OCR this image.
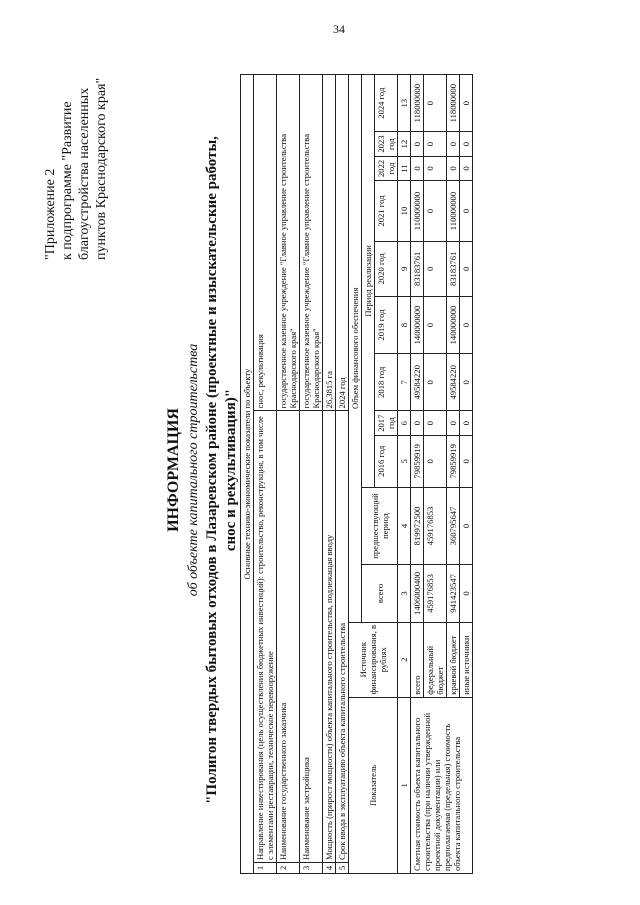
34
"Приложение 2 к подпрограмме "Развитие благоустройства населенных пунктов Краснодарского края"
ИНФОРМАЦИЯ об объекте капитального строительства "Полигон твердых бытовых отходов в Лазаревском районе (проектные и изыскательские работы, снос и рекультивация)" Основные технико-экономические показатели по объекту													
1	Направление инвестирования (цель осуществления бюджетных инвестиций): строительство, реконструкция, в том числе с элементами реставрации, техническое перевооружение						снос, рекультивация						
2	Наименование государственного заказчика						государственное казенное учреждение "Главное управление строительства Краснодарского края"						
3	Наименование застройщика						государственное казенное учреждение "Главное управление строительства Краснодарского края"						
4	Мощность (прирост мощности) объекта капитального строительства, подлежащая вводу						26,3815 га						
5	Срок ввода в эксплуатацию объекта капитального строительства						2024 год						
Показатель		Источник финансирования, в рублях	Объем финансового обеспечения										
			всего	предшествующий период	Период реализации								
					2016 год	2017 год	2018 год	2019 год	2020 год	2021 год	2022 год	2023 год	2024 год
1		2	3	4	5	6	7	8	9	10	11	12	13
Сметная стоимость объекта капитального строительства (при наличии утвержденной проектной документации) или предполагаемая (предельная) стоимость объекта капитального строительства		всего	1406000400	819972500	79859919	0	49584220	140000000	83183761	110000000	0	0	118000000
		федеральный бюджет	459176853	459176853	0	0	0	0	0	0	0	0	0
		краевой бюджет	941423547	360795647	79859919	0	49584220	140000000	83183761	110000000	0	0	118000000
		иные источники	0	0	0	0	0	0	0	0	0	0	0
